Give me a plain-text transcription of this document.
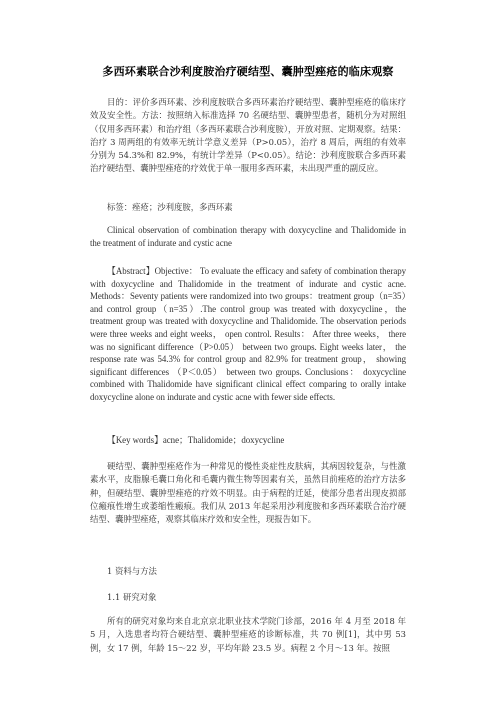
多西环素联合沙利度胺治疗硬结型、囊肿型痤疮的临床观察

目的：评价多西环素、沙利度胺联合多西环素治疗硬结型、囊肿型痤疮的临床疗效及安全性。方法：按照纳入标准选择 70 名硬结型、囊肿型患者，随机分为对照组（仅用多西环素）和治疗组（多西环素联合沙利度胺），开放对照、定期观察。结果：治疗 3 周两组的有效率无统计学意义差异（P>0.05），治疗 8 周后，两组的有效率分别为 54.3%和 82.9%，有统计学差异（P<0.05）。结论：沙利度胺联合多西环素治疗硬结型、囊肿型痤疮的疗效优于单一服用多西环素，未出现严重的副反应。

标签：痤疮；沙利度胺，多西环素

Clinical observation of combination therapy with doxycycline and Thalidomide in the treatment of indurate and cystic acne

【Abstract】Objective： To evaluate the efficacy and safety of combination therapy with doxycycline and Thalidomide in the treatment of indurate and cystic acne. Methods：Seventy patients were randomized into two groups：treatment group（n=35）and control group（n=35）.The control group was treated with doxycycline，the treatment group was treated with doxycycline and Thalidomide. The observation periods were three weeks and eight weeks， open control. Results： After three weeks， there was no significant difference（P>0.05） between two groups. Eight weeks later， the response rate was 54.3% for control group and 82.9% for treatment group， showing significant differences （P＜0.05） between two groups. Conclusions： doxycycline combined with Thalidomide have significant clinical effect comparing to orally intake doxycycline alone on indurate and cystic acne with fewer side effects.

【Key words】acne；Thalidomide；doxycycline

硬结型、囊肿型痤疮作为一种常见的慢性炎症性皮肤病，其病因较复杂，与性激素水平，皮脂腺毛囊口角化和毛囊内微生物等因素有关，虽然目前痤疮的治疗方法多种，但硬结型、囊肿型痤疮的疗效不明显。由于病程的迁延，使部分患者出现皮损部位瘢痕性增生或萎缩性瘢痕。我们从 2013 年起采用沙利度胺和多西环素联合治疗硬结型、囊肿型痤疮，观察其临床疗效和安全性，现报告如下。

1 资料与方法

1.1 研究对象

所有的研究对象均来自北京京北职业技术学院门诊部，2016 年 4 月至 2018 年 5 月，入选患者均符合硬结型、囊肿型痤疮的诊断标准，共 70 例[1]，其中男 53 例，女 17 例，年龄 15～22 岁，平均年龄 23.5 岁。病程 2 个月～13 年。按照
